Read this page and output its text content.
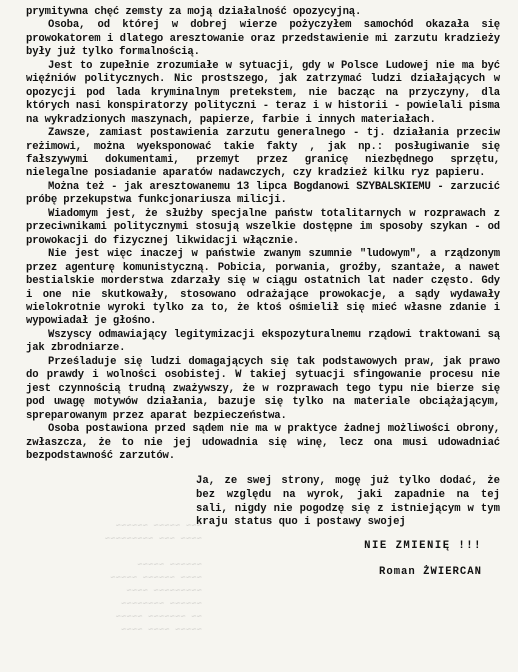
prymitywna chęć zemsty za moją działalność opozycyjną.

Osoba, od której w dobrej wierze pożyczyłem samochód okazała się prowokatorem i dlatego aresztowanie oraz przedstawienie mi zarzutu kradzieży były już tylko formalnością.

Jest to zupełnie zrozumiałe w sytuacji, gdy w Polsce Ludowej nie ma być więźniów politycznych. Nic prostszego, jak zatrzymać ludzi działających w opozycji pod lada kryminalnym pretekstem, nie bacząc na przyczyny, dla których nasi konspiratorzy polityczni - teraz i w historii - powielali pisma na wykradzionych maszynach, papierze, farbie i innych materiałach.

Zawsze, zamiast postawienia zarzutu generalnego - tj. działania przeciw reżimowi, można wyeksponować takie fakty , jak np.: posługiwanie się fałszywymi dokumentami, przemyt przez granicę niezbędnego sprzętu, nielegalne posiadanie aparatów nadawczych, czy kradzież kilku ryz papieru.

Można też - jak aresztowanemu 13 lipca Bogdanowi SZYBALSKIEMU - zarzucić próbę przekupstwa funkcjonariusza milicji.

Wiadomym jest, że służby specjalne państw totalitarnych w rozprawach z przeciwnikami politycznymi stosują wszelkie dostępne im sposoby szykan - od prowokacji do fizycznej likwidacji włącznie.

Nie jest więc inaczej w państwie zwanym szumnie "ludowym", a rządzonym przez agenturę komunistyczną. Pobicia, porwania, groźby, szantaże, a nawet bestialskie morderstwa zdarzały się w ciągu ostatnich lat nader często. Gdy i one nie skutkowały, stosowano odrażające prowokacje, a sądy wydawały wielokrotnie wyroki tylko za to, że ktoś ośmielił się mieć własne zdanie i wypowiadał je głośno.

Wszyscy odmawiający legitymizacji ekspozyturalnemu rządowi traktowani są jak zbrodniarze.

Prześladuje się ludzi domagających się tak podstawowych praw, jak prawo do prawdy i wolności osobistej. W takiej sytuacji sfingowanie procesu nie jest czynnością trudną zważywszy, że w rozprawach tego typu nie bierze się pod uwagę motywów działania, bazuje się tylko na materiale obciążającym, spreparowanym przez aparat bezpieczeństwa.

Osoba postawiona przed sądem nie ma w praktyce żadnej możliwości obrony, zwłaszcza, że to nie jej udowadnia się winę, lecz ona musi udowadniać bezpodstawność zarzutów.

Ja, ze swej strony, mogę już tylko dodać, że bez względu na wyrok, jaki zapadnie na tej sali, nigdy nie pogodzę się z istniejącym w tym kraju status quo i postawy swojej

NIE ZMIENIĘ !!!
Roman ŻWIERCAN
~~~ ~~~~~ ~~~~~~
~~~~ ~~~ ~~~~~~~~~

~~~~~~ ~~~~~
~~~~ ~~~~~~ ~~~~~
~~~~~~~~~ ~~~~
~~~~~~ ~~~~~~~~
~~ ~~~~~~~ ~~~~~
~~~~~ ~~~~ ~~~~
